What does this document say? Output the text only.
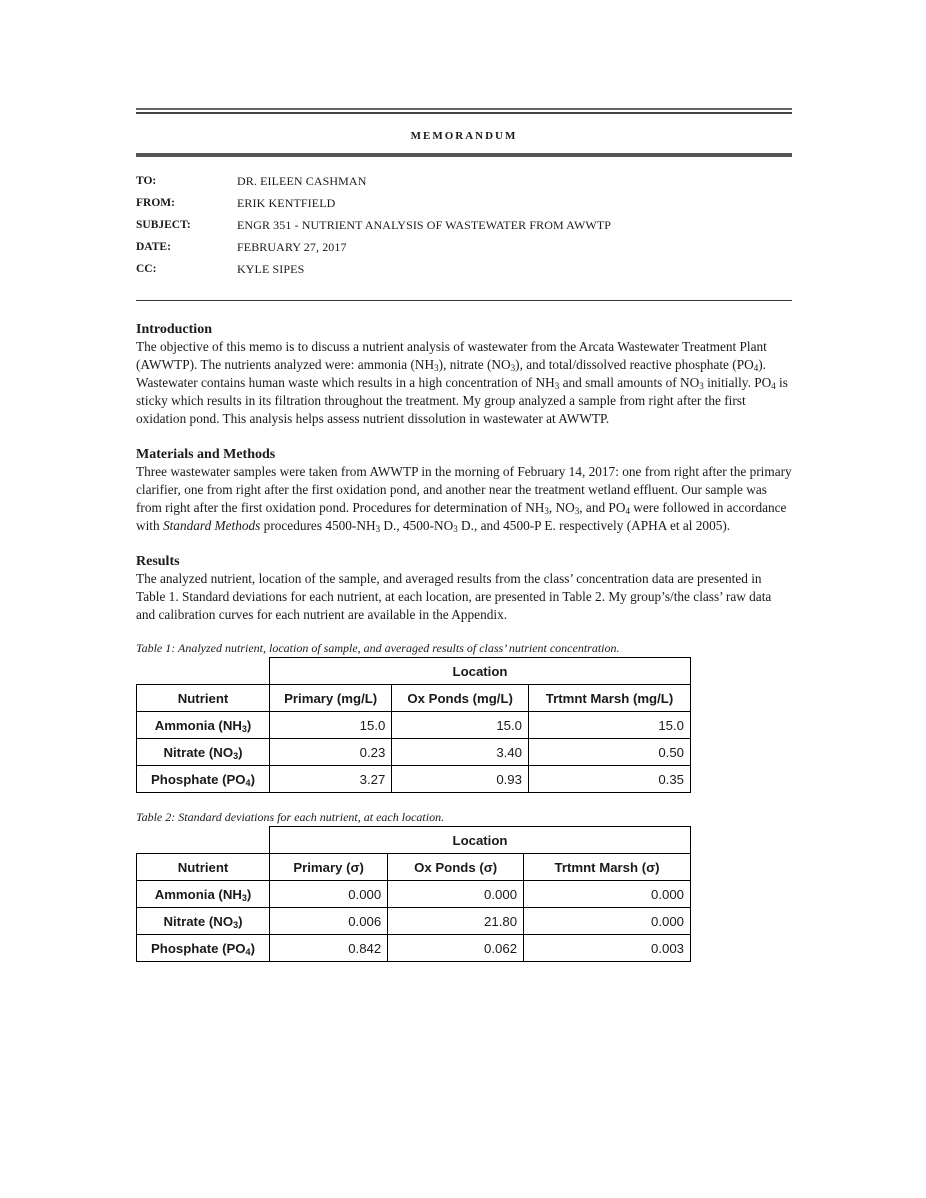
MEMORANDUM
TO:	DR. EILEEN CASHMAN
FROM:	ERIK KENTFIELD
SUBJECT:	ENGR 351 - NUTRIENT ANALYSIS OF WASTEWATER FROM AWWTP
DATE:	FEBRUARY 27, 2017
CC:	KYLE SIPES
Introduction

The objective of this memo is to discuss a nutrient analysis of wastewater from the Arcata Wastewater Treatment Plant (AWWTP). The nutrients analyzed were: ammonia $(NH_3)$, nitrate $(NO_3)$, and total/dissolved reactive phosphate $(PO_4)$. Wastewater contains human waste which results in a high concentration of $NH_3$ and small amounts of $NO_3$ initially. $PO_4$ is sticky which results in its filtration throughout the treatment. My group analyzed a sample from right after the first oxidation pond. This analysis helps assess nutrient dissolution in wastewater at AWWTP.

Materials and Methods

Three wastewater samples were taken from AWWTP in the morning of February 14, 2017: one from right after the primary clarifier, one from right after the first oxidation pond, and another near the treatment wetland effluent. Our sample was from right after the first oxidation pond. Procedures for determination of $NH_3$, $NO_3$, and $PO_4$ were followed in accordance with Standard Methods procedures $4500-NH_3$ D., $4500-NO_3$ D., and 4500-P E. respectively (APHA et al 2005).

Results

The analyzed nutrient, location of the sample, and averaged results from the class’ concentration data are presented in Table 1. Standard deviations for each nutrient, at each location, are presented in Table 2. My group’s/the class’ raw data and calibration curves for each nutrient are available in the Appendix.

Table 1: Analyzed nutrient, location of sample, and averaged results of class’ nutrient concentration.

	Location		
Nutrient	Primary (mg/L)	Ox Ponds (mg/L)	Trtmnt Marsh (mg/L)
Ammonia $(NH_3)$	15.0	15.0	15.0
Nitrate $(NO_3)$	0.23	3.40	0.50
Phosphate $(PO_4)$	3.27	0.93	0.35

Table 2: Standard deviations for each nutrient, at each location.

	Location		
Nutrient	Primary (σ)	Ox Ponds (σ)	Trtmnt Marsh (σ)
Ammonia $(NH_3)$	0.000	0.000	0.000
Nitrate $(NO_3)$	0.006	21.80	0.000
Phosphate $(PO_4)$	0.842	0.062	0.003
